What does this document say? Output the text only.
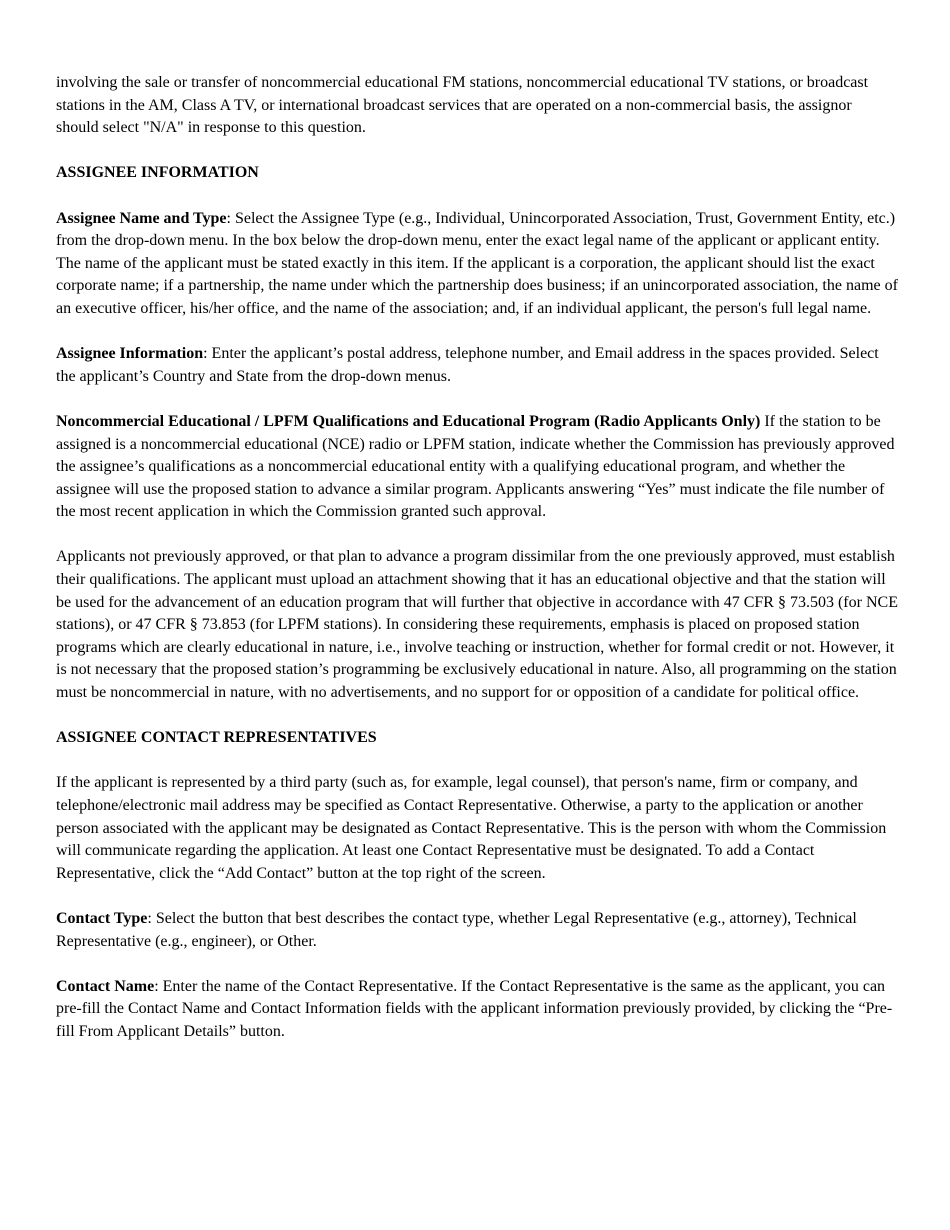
involving the sale or transfer of noncommercial educational FM stations, noncommercial educational TV stations, or broadcast stations in the AM, Class A TV, or international broadcast services that are operated on a non-commercial basis, the assignor should select "N/A" in response to this question.

ASSIGNEE INFORMATION

Assignee Name and Type: Select the Assignee Type (e.g., Individual, Unincorporated Association, Trust, Government Entity, etc.) from the drop-down menu. In the box below the drop-down menu, enter the exact legal name of the applicant or applicant entity. The name of the applicant must be stated exactly in this item. If the applicant is a corporation, the applicant should list the exact corporate name; if a partnership, the name under which the partnership does business; if an unincorporated association, the name of an executive officer, his/her office, and the name of the association; and, if an individual applicant, the person's full legal name.

Assignee Information: Enter the applicant’s postal address, telephone number, and Email address in the spaces provided. Select the applicant’s Country and State from the drop-down menus.

Noncommercial Educational / LPFM Qualifications and Educational Program (Radio Applicants Only) If the station to be assigned is a noncommercial educational (NCE) radio or LPFM station, indicate whether the Commission has previously approved the assignee’s qualifications as a noncommercial educational entity with a qualifying educational program, and whether the assignee will use the proposed station to advance a similar program. Applicants answering “Yes” must indicate the file number of the most recent application in which the Commission granted such approval.

Applicants not previously approved, or that plan to advance a program dissimilar from the one previously approved, must establish their qualifications. The applicant must upload an attachment showing that it has an educational objective and that the station will be used for the advancement of an education program that will further that objective in accordance with 47 CFR § 73.503 (for NCE stations), or 47 CFR § 73.853 (for LPFM stations). In considering these requirements, emphasis is placed on proposed station programs which are clearly educational in nature, i.e., involve teaching or instruction, whether for formal credit or not. However, it is not necessary that the proposed station’s programming be exclusively educational in nature. Also, all programming on the station must be noncommercial in nature, with no advertisements, and no support for or opposition of a candidate for political office.

ASSIGNEE CONTACT REPRESENTATIVES

If the applicant is represented by a third party (such as, for example, legal counsel), that person's name, firm or company, and telephone/electronic mail address may be specified as Contact Representative. Otherwise, a party to the application or another person associated with the applicant may be designated as Contact Representative. This is the person with whom the Commission will communicate regarding the application. At least one Contact Representative must be designated. To add a Contact Representative, click the “Add Contact” button at the top right of the screen.

Contact Type: Select the button that best describes the contact type, whether Legal Representative (e.g., attorney), Technical Representative (e.g., engineer), or Other.

Contact Name: Enter the name of the Contact Representative. If the Contact Representative is the same as the applicant, you can pre-fill the Contact Name and Contact Information fields with the applicant information previously provided, by clicking the “Pre-fill From Applicant Details” button.
